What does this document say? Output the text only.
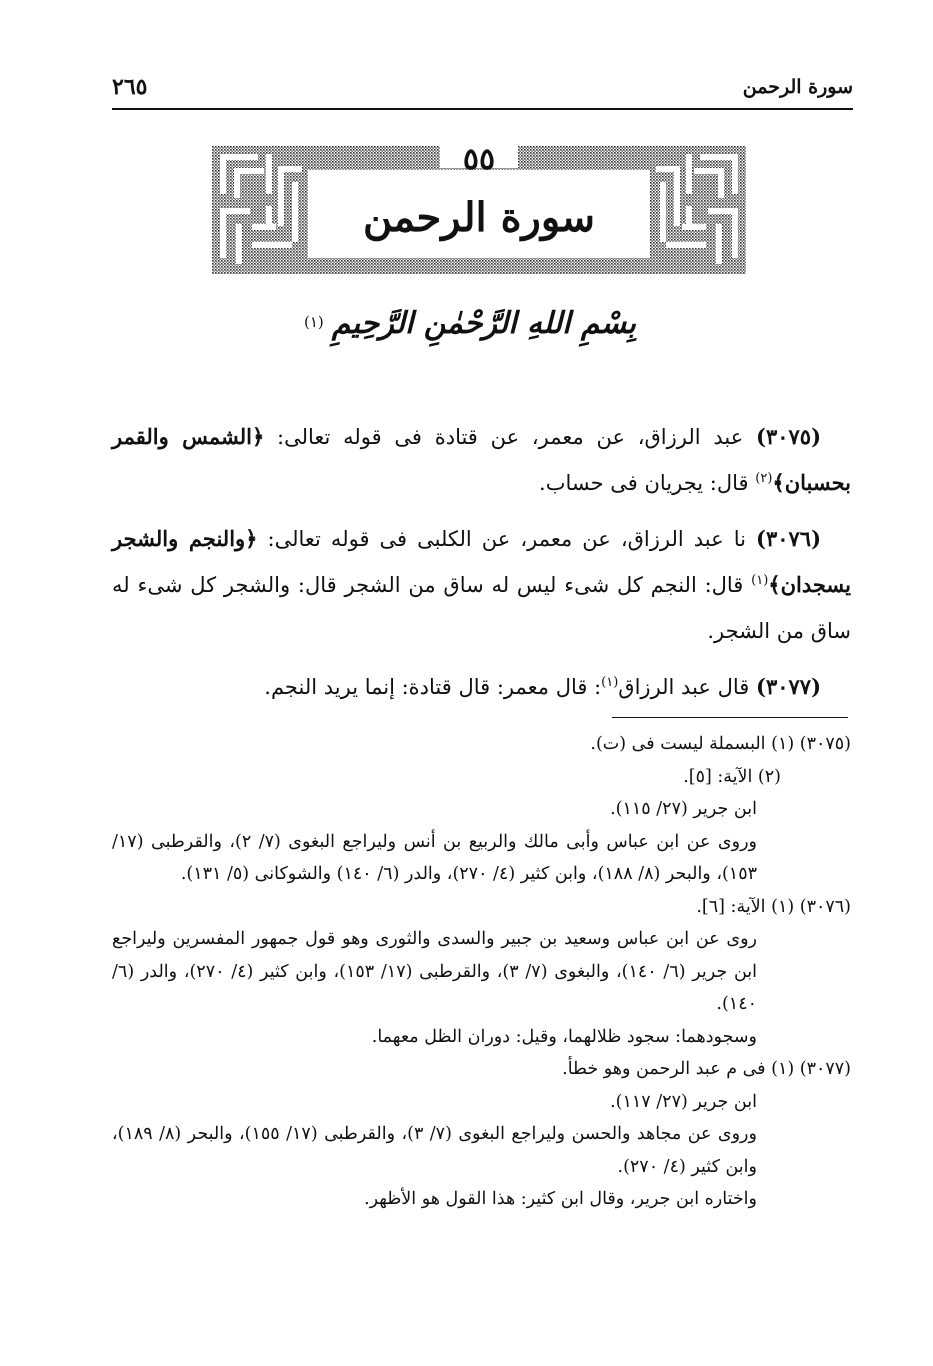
سورة الرحمن
٢٦٥
٥٥
سورة الرحمن
بِسْمِ اللهِ الرَّحْمٰنِ الرَّحِيمِ(١)

(٣٠٧٥) عبد الرزاق، عن معمر، عن قتادة فى قوله تعالى: ﴿الشمس والقمر بحسبان﴾$^{(٢)}$ قال: يجريان فى حساب.

(٣٠٧٦) نا عبد الرزاق، عن معمر، عن الكلبى فى قوله تعالى: ﴿والنجم والشجر يسجدان﴾$^{(١)}$ قال: النجم كل شىء ليس له ساق من الشجر قال: والشجر كل شىء له ساق من الشجر.

(٣٠٧٧) قال عبد الرزاق$^{(١)}$: قال معمر: قال قتادة: إنما يريد النجم.

(٣٠٧٥) (١) البسملة ليست فى (ت).

(٢) الآية: [٥].

ابن جرير (٢٧/ ١١٥).

وروى عن ابن عباس وأبى مالك والربيع بن أنس وليراجع البغوى (٧/ ٢)، والقرطبى (١٧/ ١٥٣)، والبحر (٨/ ١٨٨)، وابن كثير (٤/ ٢٧٠)، والدر (٦/ ١٤٠) والشوكانى (٥/ ١٣١).

(٣٠٧٦) (١) الآية: [٦].

روى عن ابن عباس وسعيد بن جبير والسدى والثورى وهو قول جمهور المفسرين وليراجع ابن جرير (٦/ ١٤٠)، والبغوى (٧/ ٣)، والقرطبى (١٧/ ١٥٣)، وابن كثير (٤/ ٢٧٠)، والدر (٦/ ١٤٠).

وسجودهما: سجود ظلالهما، وقيل: دوران الظل معهما.

(٣٠٧٧) (١) فى م عبد الرحمن وهو خطأ.

ابن جرير (٢٧/ ١١٧).

وروى عن مجاهد والحسن وليراجع البغوى (٧/ ٣)، والقرطبى (١٧/ ١٥٥)، والبحر (٨/ ١٨٩)، وابن كثير (٤/ ٢٧٠).

واختاره ابن جرير، وقال ابن كثير: هذا القول هو الأظهر.
